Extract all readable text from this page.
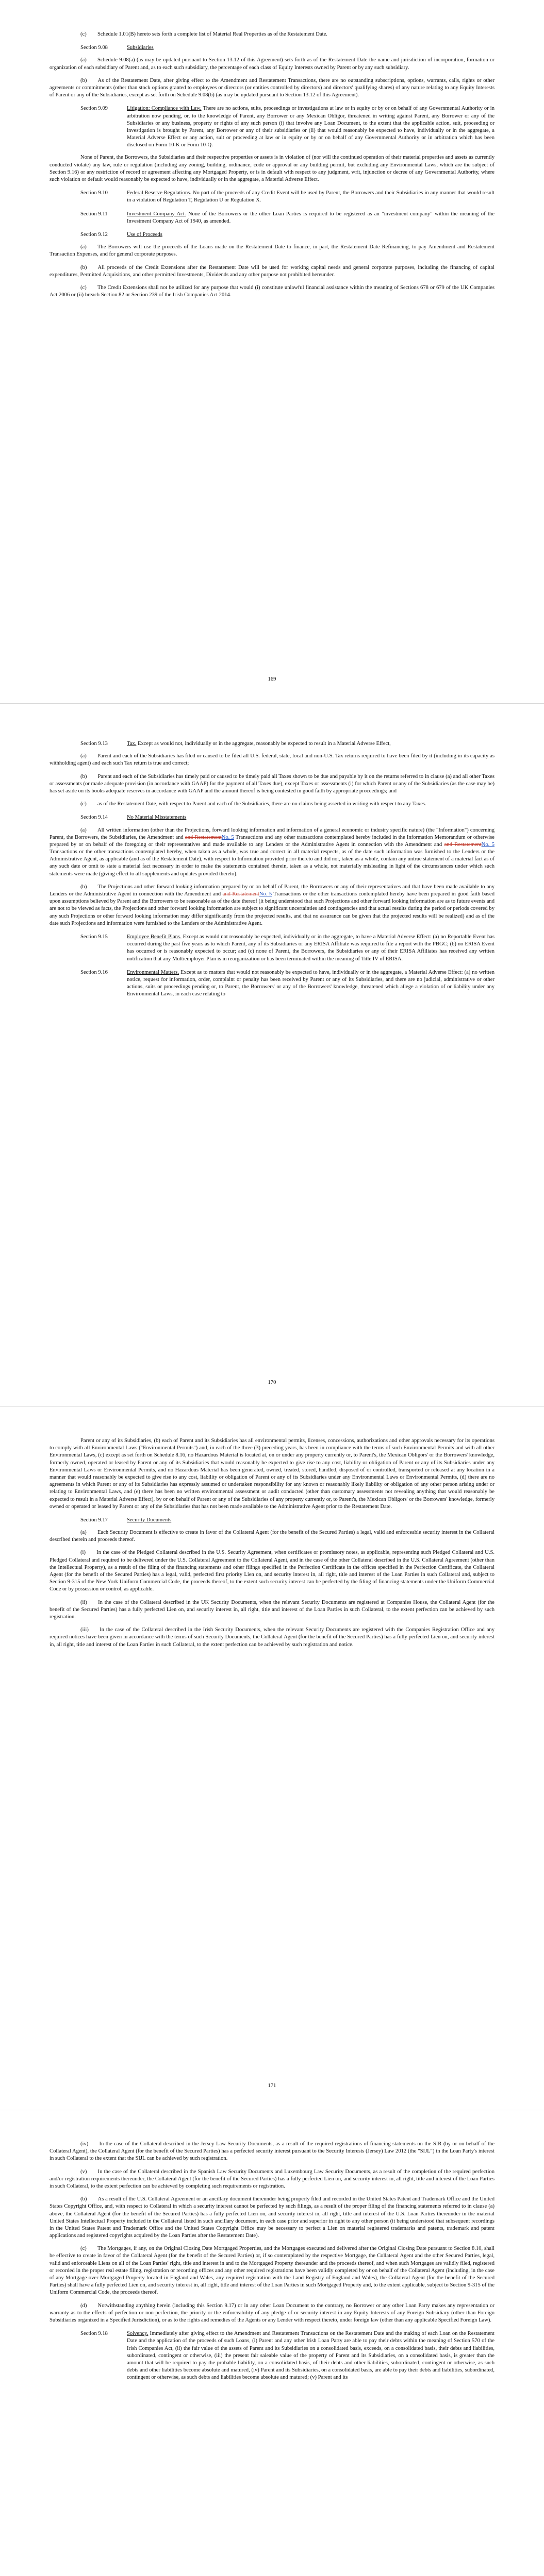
(c)  Schedule 1.01(B) hereto sets forth a complete list of Material Real Properties as of the Restatement Date.

Section 9.08	Subsidiaries

(a)  Schedule 9.08(a) (as may be updated pursuant to Section 13.12 of this Agreement) sets forth as of the Restatement Date the name and jurisdiction of incorporation, formation or organization of each subsidiary of Parent and, as to each such subsidiary, the percentage of each class of Equity Interests owned by Parent or by any such subsidiary.

(b)  As of the Restatement Date, after giving effect to the Amendment and Restatement Transactions, there are no outstanding subscriptions, options, warrants, calls, rights or other agreements or commitments (other than stock options granted to employees or directors (or entities controlled by directors) and directors' qualifying shares) of any nature relating to any Equity Interests of Parent or any of the Subsidiaries, except as set forth on Schedule 9.08(b) (as may be updated pursuant to Section 13.12 of this Agreement).

Section 9.09	Litigation; Compliance with Law. There are no actions, suits, proceedings or investigations at law or in equity or by or on behalf of any Governmental Authority or in arbitration now pending, or, to the knowledge of Parent, any Borrower or any Mexican Obligor, threatened in writing against Parent, any Borrower or any of the Subsidiaries or any business, property or rights of any such person (i) that involve any Loan Document, to the extent that the applicable action, suit, proceeding or investigation is brought by Parent, any Borrower or any of their subsidiaries or (ii) that would reasonably be expected to have, individually or in the aggregate, a Material Adverse Effect or any action, suit or proceeding at law or in equity or by or on behalf of any Governmental Authority or in arbitration which has been disclosed on Form 10-K or Form 10-Q.

None of Parent, the Borrowers, the Subsidiaries and their respective properties or assets is in violation of (nor will the continued operation of their material properties and assets as currently conducted violate) any law, rule or regulation (including any zoning, building, ordinance, code or approval or any building permit, but excluding any Environmental Laws, which are the subject of Section 9.16) or any restriction of record or agreement affecting any Mortgaged Property, or is in default with respect to any judgment, writ, injunction or decree of any Governmental Authority, where such violation or default would reasonably be expected to have, individually or in the aggregate, a Material Adverse Effect.

Section 9.10	Federal Reserve Regulations. No part of the proceeds of any Credit Event will be used by Parent, the Borrowers and their Subsidiaries in any manner that would result in a violation of Regulation T, Regulation U or Regulation X.
Section 9.11	Investment Company Act. None of the Borrowers or the other Loan Parties is required to be registered as an "investment company" within the meaning of the Investment Company Act of 1940, as amended.
Section 9.12	Use of Proceeds

(a)  The Borrowers will use the proceeds of the Loans made on the Restatement Date to finance, in part, the Restatement Date Refinancing, to pay Amendment and Restatement Transaction Expenses, and for general corporate purposes.

(b)  All proceeds of the Credit Extensions after the Restatement Date will be used for working capital needs and general corporate purposes, including the financing of capital expenditures, Permitted Acquisitions, and other permitted Investments, Dividends and any other purpose not prohibited hereunder.

(c)  The Credit Extensions shall not be utilized for any purpose that would (i) constitute unlawful financial assistance within the meaning of Sections 678 or 679 of the UK Companies Act 2006 or (ii) breach Section 82 or Section 239 of the Irish Companies Act 2014.

169
Section 9.13	Tax. Except as would not, individually or in the aggregate, reasonably be expected to result in a Material Adverse Effect,

(a)  Parent and each of the Subsidiaries has filed or caused to be filed all U.S. federal, state, local and non-U.S. Tax returns required to have been filed by it (including in its capacity as withholding agent) and each such Tax return is true and correct;

(b)  Parent and each of the Subsidiaries has timely paid or caused to be timely paid all Taxes shown to be due and payable by it on the returns referred to in clause (a) and all other Taxes or assessments (or made adequate provision (in accordance with GAAP) for the payment of all Taxes due), except Taxes or assessments (i) for which Parent or any of the Subsidiaries (as the case may be) has set aside on its books adequate reserves in accordance with GAAP and the amount thereof is being contested in good faith by appropriate proceedings; and

(c)  as of the Restatement Date, with respect to Parent and each of the Subsidiaries, there are no claims being asserted in writing with respect to any Taxes.

Section 9.14	No Material Misstatements

(a)  All written information (other than the Projections, forward looking information and information of a general economic or industry specific nature) (the "Information") concerning Parent, the Borrowers, the Subsidiaries, the Amendment and and RestatementNo. 5 Transactions and any other transactions contemplated hereby included in the Information Memorandum or otherwise prepared by or on behalf of the foregoing or their representatives and made available to any Lenders or the Administrative Agent in connection with the Amendment and and RestatementNo. 5 Transactions or the other transactions contemplated hereby, when taken as a whole, was true and correct in all material respects, as of the date such information was furnished to the Lenders or the Administrative Agent, as applicable (and as of the Restatement Date), with respect to Information provided prior thereto and did not, taken as a whole, contain any untrue statement of a material fact as of any such date or omit to state a material fact necessary in order to make the statements contained therein, taken as a whole, not materially misleading in light of the circumstances under which such statements were made (giving effect to all supplements and updates provided thereto).

(b)  The Projections and other forward looking information prepared by or on behalf of Parent, the Borrowers or any of their representatives and that have been made available to any Lenders or the Administrative Agent in connection with the Amendment and and RestatementNo. 5 Transactions or the other transactions contemplated hereby have been prepared in good faith based upon assumptions believed by Parent and the Borrowers to be reasonable as of the date thereof (it being understood that such Projections and other forward looking information are as to future events and are not to be viewed as facts, the Projections and other forward looking information are subject to significant uncertainties and contingencies and that actual results during the period or periods covered by any such Projections or other forward looking information may differ significantly from the projected results, and that no assurance can be given that the projected results will be realized) and as of the date such Projections and information were furnished to the Lenders or the Administrative Agent.

Section 9.15	Employee Benefit Plans. Except as would not reasonably be expected, individually or in the aggregate, to have a Material Adverse Effect: (a) no Reportable Event has occurred during the past five years as to which Parent, any of its Subsidiaries or any ERISA Affiliate was required to file a report with the PBGC; (b) no ERISA Event has occurred or is reasonably expected to occur; and (c) none of Parent, the Borrowers, the Subsidiaries or any of their ERISA Affiliates has received any written notification that any Multiemployer Plan is in reorganization or has been terminated within the meaning of Title IV of ERISA.
Section 9.16	Environmental Matters. Except as to matters that would not reasonably be expected to have, individually or in the aggregate, a Material Adverse Effect: (a) no written notice, request for information, order, complaint or penalty has been received by Parent or any of its Subsidiaries, and there are no judicial, administrative or other actions, suits or proceedings pending or, to Parent, the Borrowers' or any of the Borrowers' knowledge, threatened which allege a violation of or liability under any Environmental Laws, in each case relating to
170

Parent or any of its Subsidiaries, (b) each of Parent and its Subsidiaries has all environmental permits, licenses, concessions, authorizations and other approvals necessary for its operations to comply with all Environmental Laws ("Environmental Permits") and, in each of the three (3) preceding years, has been in compliance with the terms of such Environmental Permits and with all other Environmental Laws, (c) except as set forth on Schedule 8.16, no Hazardous Material is located at, on or under any property currently or, to Parent's, the Mexican Obligors' or the Borrowers' knowledge, formerly owned, operated or leased by Parent or any of its Subsidiaries that would reasonably be expected to give rise to any cost, liability or obligation of Parent or any of its Subsidiaries under any Environmental Laws or Environmental Permits, and no Hazardous Material has been generated, owned, treated, stored, handled, disposed of or controlled, transported or released at any location in a manner that would reasonably be expected to give rise to any cost, liability or obligation of Parent or any of its Subsidiaries under any Environmental Laws or Environmental Permits, (d) there are no agreements in which Parent or any of its Subsidiaries has expressly assumed or undertaken responsibility for any known or reasonably likely liability or obligation of any other person arising under or relating to Environmental Laws, and (e) there has been no written environmental assessment or audit conducted (other than customary assessments not revealing anything that would reasonably be expected to result in a Material Adverse Effect), by or on behalf of Parent or any of the Subsidiaries of any property currently or, to Parent's, the Mexican Obligors' or the Borrowers' knowledge, formerly owned or operated or leased by Parent or any of the Subsidiaries that has not been made available to the Administrative Agent prior to the Restatement Date.

Section 9.17	Security Documents

(a)  Each Security Document is effective to create in favor of the Collateral Agent (for the benefit of the Secured Parties) a legal, valid and enforceable security interest in the Collateral described therein and proceeds thereof.

(i)  In the case of the Pledged Collateral described in the U.S. Security Agreement, when certificates or promissory notes, as applicable, representing such Pledged Collateral and U.S. Pledged Collateral and required to be delivered under the U.S. Collateral Agreement to the Collateral Agent, and in the case of the other Collateral described in the U.S. Collateral Agreement (other than the Intellectual Property), as a result of the filing of the financing statements and other filings specified in the Perfection Certificate in the offices specified in the Perfection Certificate, the Collateral Agent (for the benefit of the Secured Parties) has a legal, valid, perfected first priority Lien on, and security interest in, all right, title and interest of the Loan Parties in such Collateral and, subject to Section 9-315 of the New York Uniform Commercial Code, the proceeds thereof, to the extent such security interest can be perfected by the filing of financing statements under the Uniform Commercial Code or by possession or control, as applicable.

(ii)  In the case of the Collateral described in the UK Security Documents, when the relevant Security Documents are registered at Companies House, the Collateral Agent (for the benefit of the Secured Parties) has a fully perfected Lien on, and security interest in, all right, title and interest of the Loan Parties in such Collateral, to the extent perfection can be achieved by such registration.

(iii)  In the case of the Collateral described in the Irish Security Documents, when the relevant Security Documents are registered with the Companies Registration Office and any required notices have been given in accordance with the terms of such Security Documents, the Collateral Agent (for the benefit of the Secured Parties) has a fully perfected Lien on, and security interest in, all right, title and interest of the Loan Parties in such Collateral, to the extent perfection can be achieved by such registration and notice.

171

(iv)  In the case of the Collateral described in the Jersey Law Security Documents, as a result of the required registrations of financing statements on the SIR (by or on behalf of the Collateral Agent), the Collateral Agent (for the benefit of the Secured Parties) has a perfected security interest pursuant to the Security Interests (Jersey) Law 2012 (the "SIJL") in the Loan Party's interest in such Collateral to the extent that the SIJL can be achieved by such registration.

(v)  In the case of the Collateral described in the Spanish Law Security Documents and Luxembourg Law Security Documents, as a result of the completion of the required perfection and/or registration requirements thereunder, the Collateral Agent (for the benefit of the Secured Parties) has a fully perfected Lien on, and security interest in, all right, title and interest of the Loan Parties in such Collateral, to the extent perfection can be achieved by completing such requirements or registration.

(b)  As a result of the U.S. Collateral Agreement or an ancillary document thereunder being properly filed and recorded in the United States Patent and Trademark Office and the United States Copyright Office, and, with respect to Collateral in which a security interest cannot be perfected by such filings, as a result of the proper filing of the financing statements referred to in clause (a) above, the Collateral Agent (for the benefit of the Secured Parties) has a fully perfected Lien on, and security interest in, all right, title and interest of the U.S. Loan Parties thereunder in the material United States Intellectual Property included in the Collateral listed in such ancillary document, in each case prior and superior in right to any other person (it being understood that subsequent recordings in the United States Patent and Trademark Office and the United States Copyright Office may be necessary to perfect a Lien on material registered trademarks and patents, trademark and patent applications and registered copyrights acquired by the Loan Parties after the Restatement Date).

(c)  The Mortgages, if any, on the Original Closing Date Mortgaged Properties, and the Mortgages executed and delivered after the Original Closing Date pursuant to Section 8.10, shall be effective to create in favor of the Collateral Agent (for the benefit of the Secured Parties) or, if so contemplated by the respective Mortgage, the Collateral Agent and the other Secured Parties, legal, valid and enforceable Liens on all of the Loan Parties' right, title and interest in and to the Mortgaged Property thereunder and the proceeds thereof, and when such Mortgages are validly filed, registered or recorded in the proper real estate filing, registration or recording offices and any other required registrations have been validly completed by or on behalf of the Collateral Agent (including, in the case of any Mortgage over Mortgaged Property located in England and Wales, any required registration with the Land Registry of England and Wales), the Collateral Agent (for the benefit of the Secured Parties) shall have a fully perfected Lien on, and security interest in, all right, title and interest of the Loan Parties in such Mortgaged Property and, to the extent applicable, subject to Section 9-315 of the Uniform Commercial Code, the proceeds thereof.

(d)  Notwithstanding anything herein (including this Section 9.17) or in any other Loan Document to the contrary, no Borrower or any other Loan Party makes any representation or warranty as to the effects of perfection or non-perfection, the priority or the enforceability of any pledge of or security interest in any Equity Interests of any Foreign Subsidiary (other than Foreign Subsidiaries organized in a Specified Jurisdiction), or as to the rights and remedies of the Agents or any Lender with respect thereto, under foreign law (other than any applicable Specified Foreign Law).

Section 9.18	Solvency. Immediately after giving effect to the Amendment and Restatement Transactions on the Restatement Date and the making of each Loan on the Restatement Date and the application of the proceeds of such Loans, (i) Parent and any other Irish Loan Party are able to pay their debts within the meaning of Section 570 of the Irish Companies Act, (ii) the fair value of the assets of Parent and its Subsidiaries on a consolidated basis, exceeds, on a consolidated basis, their debts and liabilities, subordinated, contingent or otherwise, (iii) the present fair saleable value of the property of Parent and its Subsidiaries, on a consolidated basis, is greater than the amount that will be required to pay the probable liability, on a consolidated basis, of their debts and other liabilities, subordinated, contingent or otherwise, as such debts and other liabilities become absolute and matured, (iv) Parent and its Subsidiaries, on a consolidated basis, are able to pay their debts and liabilities, subordinated, contingent or otherwise, as such debts and liabilities become absolute and matured; (v) Parent and its
